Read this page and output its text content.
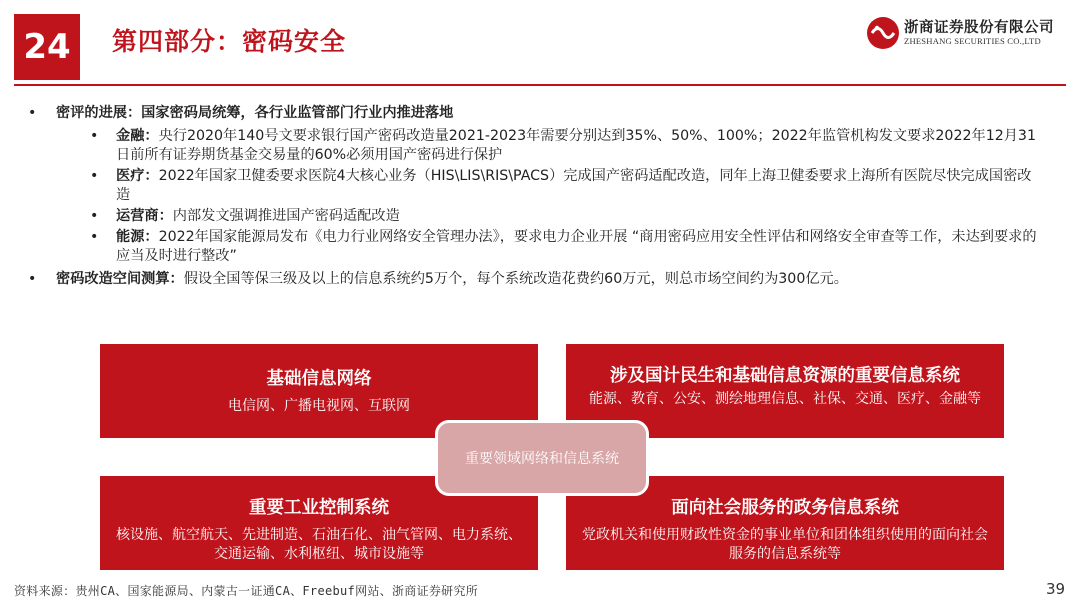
24	第四部分：密码安全	浙商证券股份有限公司
ZHESHANG SECURITIES CO.,LTD
• 密评的进展：国家密码局统筹，各行业监管部门行业内推进落地
• 金融：央行2020年140号文要求银行国产密码改造量2021-2023年需要分别达到35%、50%、100%；2022年监管机构发文要求2022年12月31日前所有证券期货基金交易量的60%必须用国产密码进行保护
• 医疗：2022年国家卫健委要求医院4大核心业务（HIS\LIS\RIS\PACS）完成国产密码适配改造，同年上海卫健委要求上海所有医院尽快完成国密改造
• 运营商：内部发文强调推进国产密码适配改造
• 能源：2022年国家能源局发布《电力行业网络安全管理办法》，要求电力企业开展 “商用密码应用安全性评估和网络安全审查等工作，未达到要求的应当及时进行整改”
• 密码改造空间测算：假设全国等保三级及以上的信息系统约5万个，每个系统改造花费约60万元，则总市场空间约为300亿元。
基础信息网络
电信网、广播电视网、互联网
涉及国计民生和基础信息资源的重要信息系统
能源、教育、公安、测绘地理信息、社保、交通、医疗、金融等
重要工业控制系统
核设施、航空航天、先进制造、石油石化、油气管网、电力系统、交通运输、水利枢纽、城市设施等
面向社会服务的政务信息系统
党政机关和使用财政性资金的事业单位和团体组织使用的面向社会服务的信息系统等
重要领域网络和信息系统
资料来源：贵州CA、国家能源局、内蒙古一证通CA、Freebuf网站、浙商证券研究所	39
